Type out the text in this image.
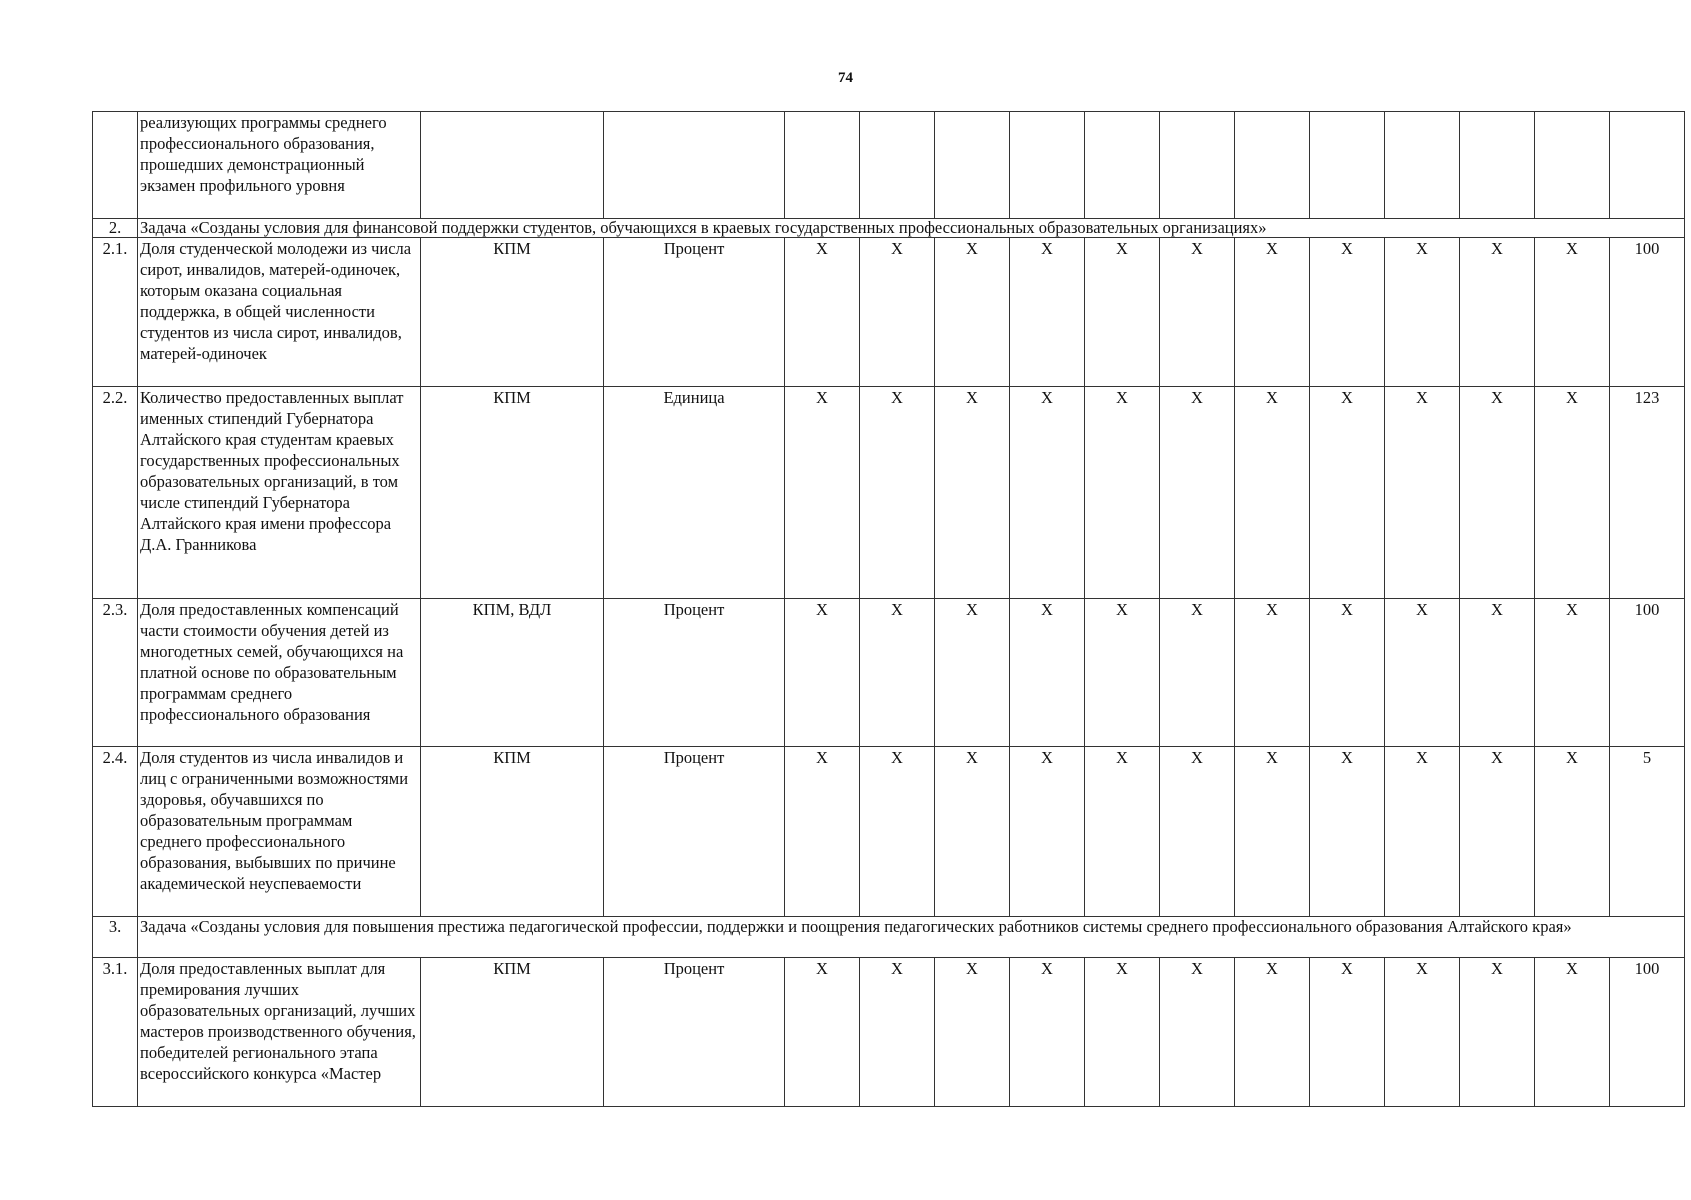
74
	реализующих программы среднего профессионального образования, прошедших демонстрационный экзамен профильного уровня														
2.	Задача «Созданы условия для финансовой поддержки студентов, обучающихся в краевых государственных профессиональных образовательных организациях»														
2.1.	Доля студенческой молодежи из числа сирот, инвалидов, матерей-одиночек, которым оказана социальная поддержка, в общей численности студентов из числа сирот, инвалидов, матерей-одиночек	КПМ	Процент	X	X	X	X	X	X	X	X	X	X	X	100
2.2.	Количество предоставленных выплат именных стипендий Губернатора Алтайского края студентам краевых государственных профессиональных образовательных организаций, в том числе стипендий Губернатора Алтайского края имени профессора Д.А. Гранникова	КПМ	Единица	X	X	X	X	X	X	X	X	X	X	X	123
2.3.	Доля предоставленных компенсаций части стоимости обучения детей из многодетных семей, обучающихся на платной основе по образовательным программам среднего профессионального образования	КПМ, ВДЛ	Процент	X	X	X	X	X	X	X	X	X	X	X	100
2.4.	Доля студентов из числа инвалидов и лиц с ограниченными возможностями здоровья, обучавшихся по образовательным программам среднего профессионального образования, выбывших по причине академической неуспеваемости	КПМ	Процент	X	X	X	X	X	X	X	X	X	X	X	5
3.	Задача «Созданы условия для повышения престижа педагогической профессии, поддержки и поощрения педагогических работников системы среднего профессионального образования Алтайского края»														
3.1.	Доля предоставленных выплат для премирования лучших образовательных организаций, лучших мастеров производственного обучения, победителей регионального этапа всероссийского конкурса «Мастер	КПМ	Процент	X	X	X	X	X	X	X	X	X	X	X	100
